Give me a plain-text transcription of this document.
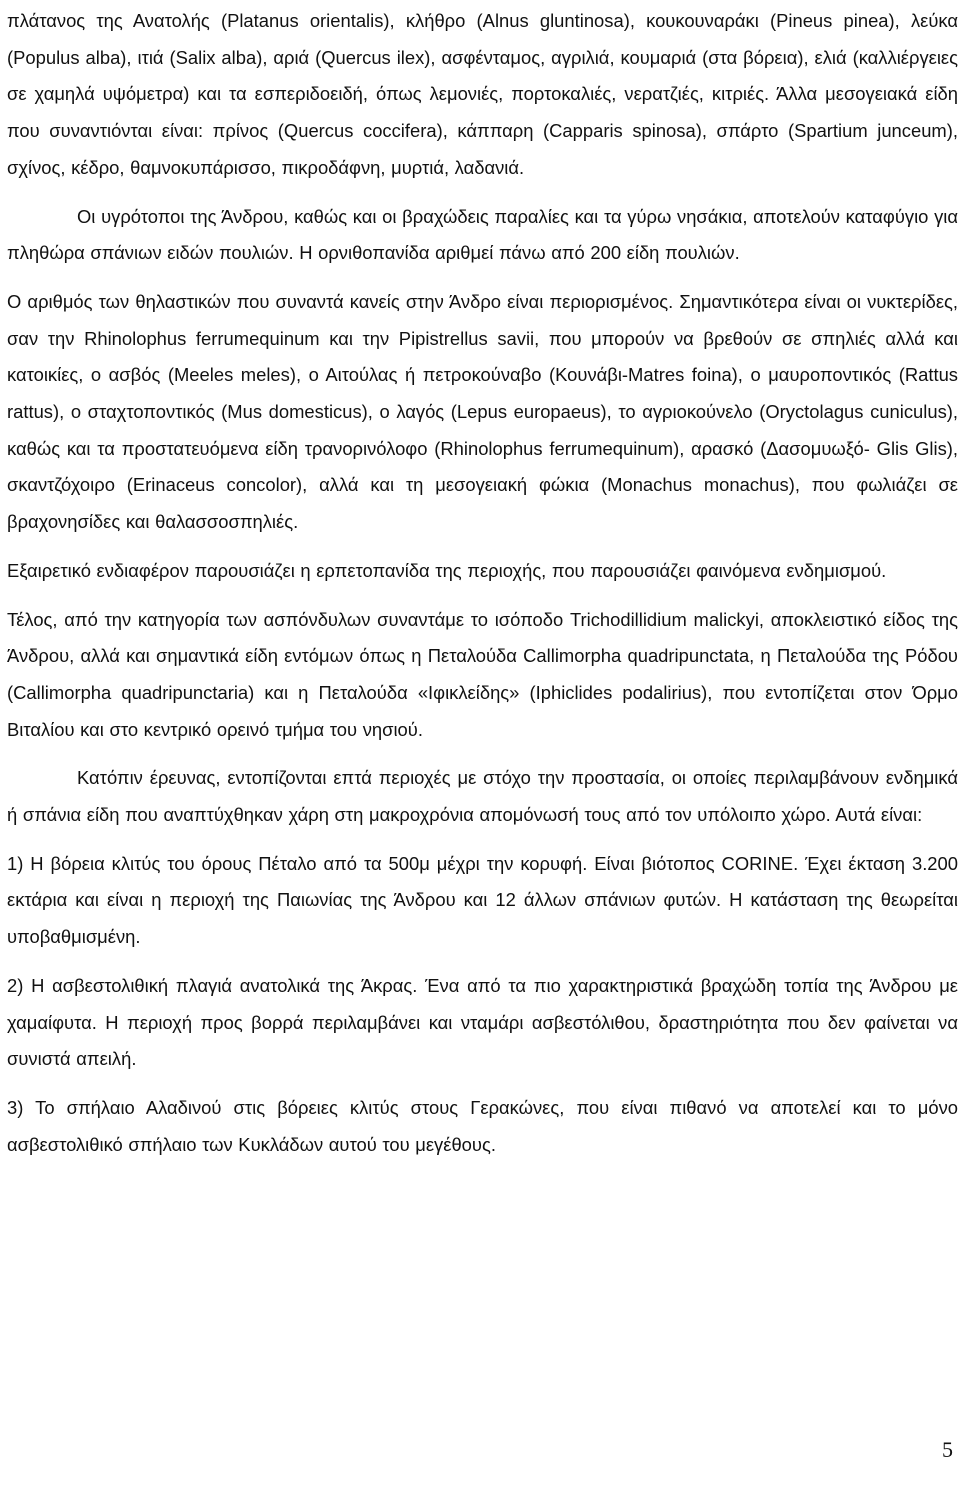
πλάτανος της Ανατολής (Platanus orientalis), κλήθρο (Alnus gluntinosa), κουκουναράκι (Pineus pinea), λεύκα (Populus alba), ιτιά (Salix alba), αριά (Quercus ilex), ασφένταμος, αγριλιά, κουμαριά (στα βόρεια), ελιά (καλλιέργειες σε χαμηλά υψόμετρα) και τα εσπεριδοειδή, όπως λεμονιές, πορτοκαλιές, νερατζιές, κιτριές. Άλλα μεσογειακά είδη που συναντιόνται είναι: πρίνος (Quercus coccifera), κάππαρη (Capparis spinosa), σπάρτο (Spartium junceum), σχίνος, κέδρο, θαμνοκυπάρισσο, πικροδάφνη, μυρτιά, λαδανιά.

Οι υγρότοποι της Άνδρου, καθώς και οι βραχώδεις παραλίες και τα γύρω νησάκια, αποτελούν καταφύγιο για πληθώρα σπάνιων ειδών πουλιών. Η ορνιθοπανίδα αριθμεί πάνω από 200 είδη πουλιών.

Ο αριθμός των θηλαστικών που συναντά κανείς στην Άνδρο είναι περιορισμένος. Σημαντικότερα είναι οι νυκτερίδες, σαν την Rhinolophus ferrumequinum και την Pipistrellus savii, που μπορούν να βρεθούν σε σπηλιές αλλά και κατοικίες, ο ασβός (Meeles meles), ο Αιτούλας ή πετροκούναβο (Κουνάβι-Matres foina), ο μαυροποντικός (Rattus rattus), ο σταχτοποντικός (Mus domesticus), ο λαγός (Lepus europaeus), το αγριοκούνελο (Oryctolagus cuniculus), καθώς και τα προστατευόμενα είδη τρανορινόλοφο (Rhinolophus ferrumequinum), αρασκό (Δασομυωξό- Glis Glis), σκαντζόχοιρο (Erinaceus concolor), αλλά και τη μεσογειακή φώκια (Monachus monachus), που φωλιάζει σε βραχονησίδες και θαλασσοσπηλιές.

Εξαιρετικό ενδιαφέρον παρουσιάζει η ερπετοπανίδα της περιοχής, που παρουσιάζει φαινόμενα ενδημισμού.

Τέλος, από την κατηγορία των ασπόνδυλων συναντάμε το ισόποδο Trichodillidium malickyi, αποκλειστικό είδος της Άνδρου, αλλά και σημαντικά είδη εντόμων όπως η Πεταλούδα Callimorpha quadripunctata, η Πεταλούδα της Ρόδου (Callimorpha quadripunctaria) και η Πεταλούδα «Ιφικλείδης» (Iphiclides podalirius), που εντοπίζεται στον Όρμο Βιταλίου και στο κεντρικό ορεινό τμήμα του νησιού.

Κατόπιν έρευνας, εντοπίζονται επτά περιοχές με στόχο την προστασία, οι οποίες περιλαμβάνουν ενδημικά ή σπάνια είδη που αναπτύχθηκαν χάρη στη μακροχρόνια απομόνωσή τους από τον υπόλοιπο χώρο. Αυτά είναι:

1) Η βόρεια κλιτύς του όρους Πέταλο από τα 500μ μέχρι την κορυφή. Είναι βιότοπος CORINE. Έχει έκταση 3.200 εκτάρια και είναι η περιοχή της Παιωνίας της Άνδρου και 12 άλλων σπάνιων φυτών. Η κατάσταση της θεωρείται υποβαθμισμένη.

2) Η ασβεστολιθική πλαγιά ανατολικά της Άκρας. Ένα από τα πιο χαρακτηριστικά βραχώδη τοπία της Άνδρου με χαμαίφυτα. Η περιοχή προς βορρά περιλαμβάνει και νταμάρι ασβεστόλιθου, δραστηριότητα που δεν φαίνεται να συνιστά απειλή.

3) Το σπήλαιο Αλαδινού στις βόρειες κλιτύς στους Γερακώνες, που είναι πιθανό να αποτελεί και το μόνο ασβεστολιθικό σπήλαιο των Κυκλάδων αυτού του μεγέθους.

5
